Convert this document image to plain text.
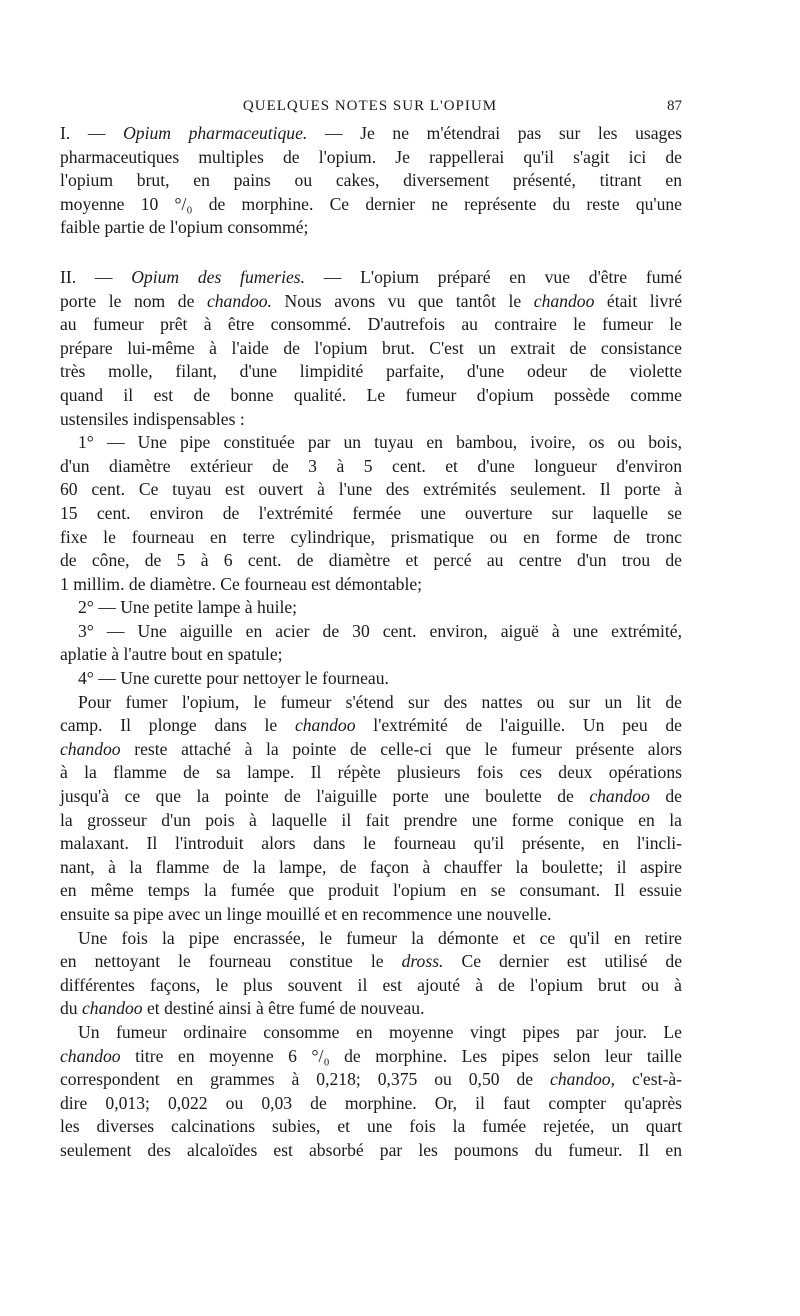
QUELQUES NOTES SUR L'OPIUM	87
I. — Opium pharmaceutique. — Je ne m'étendrai pas sur les usages
pharmaceutiques multiples de l'opium. Je rappellerai qu'il s'agit ici de
l'opium brut, en pains ou cakes, diversement présenté, titrant en
moyenne 10 °/₀ de morphine. Ce dernier ne représente du reste qu'une
faible partie de l'opium consommé;
II. — Opium des fumeries. — L'opium préparé en vue d'être fumé
porte le nom de chandoo. Nous avons vu que tantôt le chandoo était livré
au fumeur prêt à être consommé. D'autrefois au contraire le fumeur le
prépare lui-même à l'aide de l'opium brut. C'est un extrait de consistance
très molle, filant, d'une limpidité parfaite, d'une odeur de violette
quand il est de bonne qualité. Le fumeur d'opium possède comme
ustensiles indispensables :
1° — Une pipe constituée par un tuyau en bambou, ivoire, os ou bois,
d'un diamètre extérieur de 3 à 5 cent. et d'une longueur d'environ
60 cent. Ce tuyau est ouvert à l'une des extrémités seulement. Il porte à
15 cent. environ de l'extrémité fermée une ouverture sur laquelle se
fixe le fourneau en terre cylindrique, prismatique ou en forme de tronc
de cône, de 5 à 6 cent. de diamètre et percé au centre d'un trou de
1 millim. de diamètre. Ce fourneau est démontable;
2° — Une petite lampe à huile;
3° — Une aiguille en acier de 30 cent. environ, aiguë à une extrémité,
aplatie à l'autre bout en spatule;
4° — Une curette pour nettoyer le fourneau.
Pour fumer l'opium, le fumeur s'étend sur des nattes ou sur un lit de
camp. Il plonge dans le chandoo l'extrémité de l'aiguille. Un peu de
chandoo reste attaché à la pointe de celle-ci que le fumeur présente alors
à la flamme de sa lampe. Il répète plusieurs fois ces deux opérations
jusqu'à ce que la pointe de l'aiguille porte une boulette de chandoo de
la grosseur d'un pois à laquelle il fait prendre une forme conique en la
malaxant. Il l'introduit alors dans le fourneau qu'il présente, en l'incli-
nant, à la flamme de la lampe, de façon à chauffer la boulette; il aspire
en même temps la fumée que produit l'opium en se consumant. Il essuie
ensuite sa pipe avec un linge mouillé et en recommence une nouvelle.
Une fois la pipe encrassée, le fumeur la démonte et ce qu'il en retire
en nettoyant le fourneau constitue le dross. Ce dernier est utilisé de
différentes façons, le plus souvent il est ajouté à de l'opium brut ou à
du chandoo et destiné ainsi à être fumé de nouveau.
Un fumeur ordinaire consomme en moyenne vingt pipes par jour. Le
chandoo titre en moyenne 6 °/₀ de morphine. Les pipes selon leur taille
correspondent en grammes à 0,218; 0,375 ou 0,50 de chandoo, c'est-à-
dire 0,013; 0,022 ou 0,03 de morphine. Or, il faut compter qu'après
les diverses calcinations subies, et une fois la fumée rejetée, un quart
seulement des alcaloïdes est absorbé par les poumons du fumeur. Il en
